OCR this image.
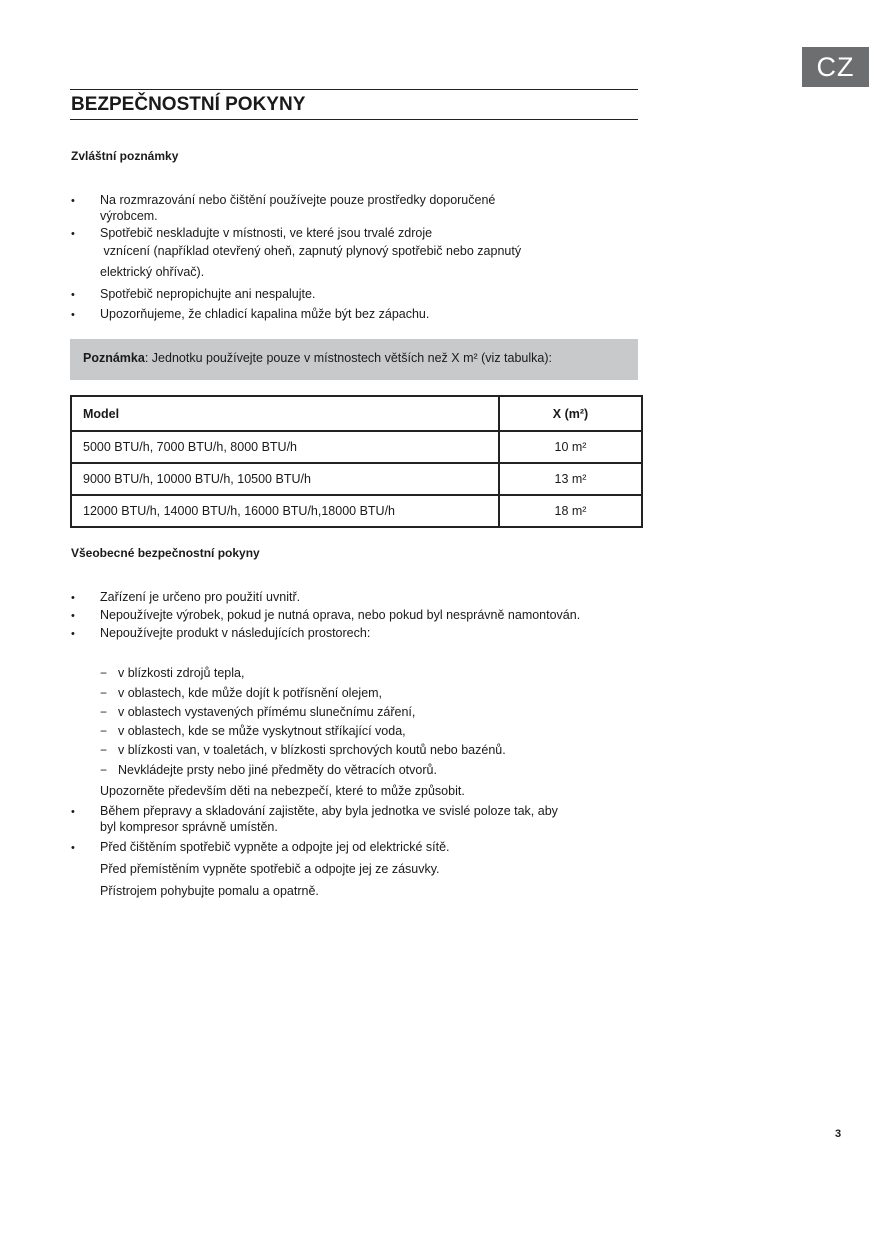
CZ
BEZPEČNOSTNÍ POKYNY

Zvláštní poznámky

• Na rozmrazování nebo čištění používejte pouze prostředky doporučené

výrobcem.

• Spotřebič neskladujte v místnosti, ve které jsou trvalé zdroje

vznícení (například otevřený oheň, zapnutý plynový spotřebič nebo zapnutý

elektrický ohřívač).

• Spotřebič nepropichujte ani nespalujte.

• Upozorňujeme, že chladicí kapalina může být bez zápachu.

Poznámka: Jednotku používejte pouze v místnostech větších než X m² (viz tabulka):
Model	X (m²)
5000 BTU/h, 7000 BTU/h, 8000 BTU/h	10 m²
9000 BTU/h, 10000 BTU/h, 10500 BTU/h	13 m²
12000 BTU/h, 14000 BTU/h, 16000 BTU/h,18000 BTU/h	18 m²

Všeobecné bezpečnostní pokyny

• Zařízení je určeno pro použití uvnitř.

• Nepoužívejte výrobek, pokud je nutná oprava, nebo pokud byl nesprávně namontován.

• Nepoužívejte produkt v následujících prostorech:

− v blízkosti zdrojů tepla,

− v oblastech, kde může dojít k potřísnění olejem,

− v oblastech vystavených přímému slunečnímu záření,

− v oblastech, kde se může vyskytnout stříkající voda,

− v blízkosti van, v toaletách, v blízkosti sprchových koutů nebo bazénů.

− Nevkládejte prsty nebo jiné předměty do větracích otvorů.

Upozorněte především děti na nebezpečí, které to může způsobit.

• Během přepravy a skladování zajistěte, aby byla jednotka ve svislé poloze tak, aby

byl kompresor správně umístěn.

• Před čištěním spotřebič vypněte a odpojte jej od elektrické sítě.

Před přemístěním vypněte spotřebič a odpojte jej ze zásuvky.

Přístrojem pohybujte pomalu a opatrně.

3
